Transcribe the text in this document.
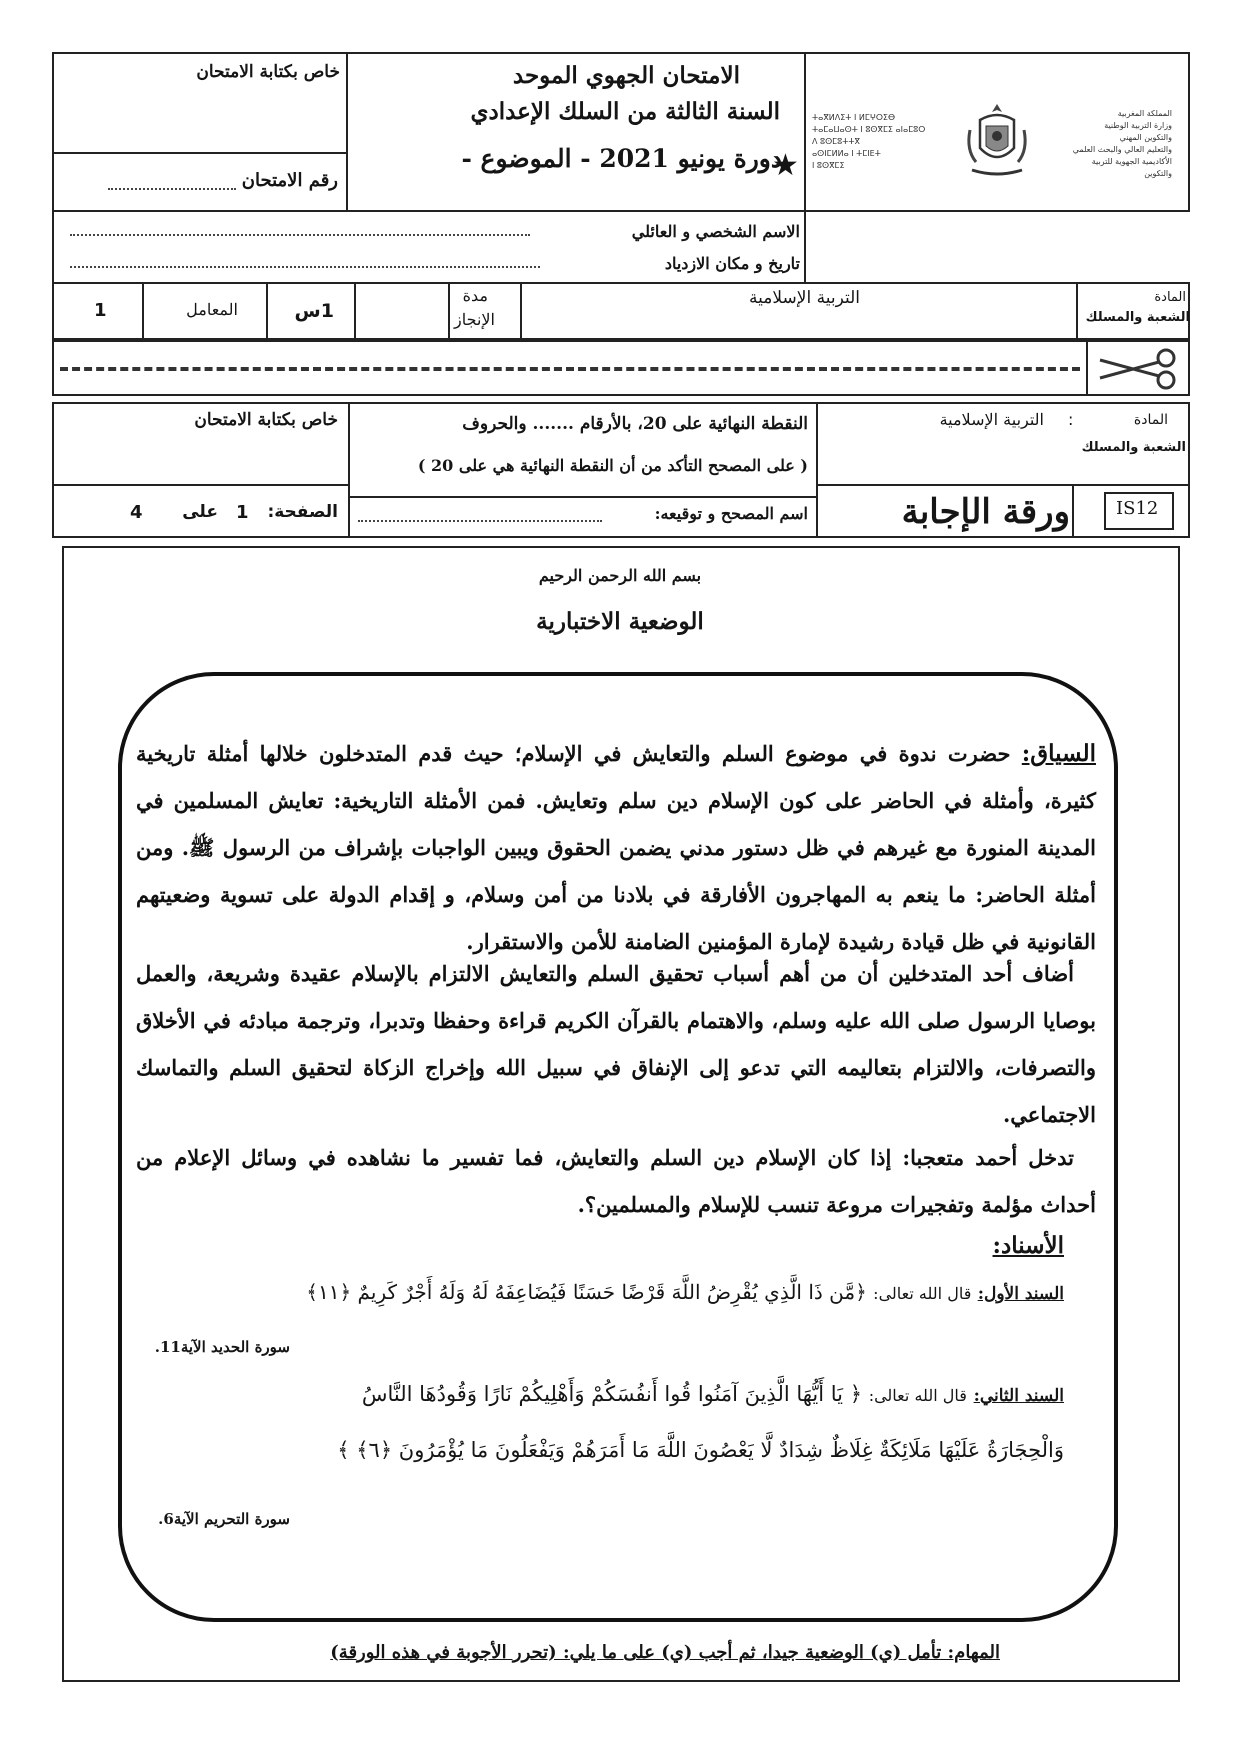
خاص بكتابة الامتحان
رقم الامتحان
الامتحان الجهوي الموحد
السنة الثالثة من السلك الإعدادي
دورة يونيو 2021 - الموضوع -
★
المملكة المغربية
وزارة التربية الوطنية
والتكوين المهني
والتعليم العالي والبحث العلمي
الأكاديمية الجهوية للتربية والتكوين
ⵜⴰⴳⵍⴷⵉⵜ ⵏ ⵍⵎⵖⵔⵉⴱ
ⵜⴰⵎⴰⵡⴰⵙⵜ ⵏ ⵓⵙⴳⵎⵉ ⴰⵏⴰⵎⵓⵔ
ⴷ ⵓⵙⵎⵓⵜⵜⴳ
ⴰⵙⵏⵎⵍⵍⴰ ⵏ ⵜⵎⵏⴹⵜ
ⵏ ⵓⵙⴳⵎⵉ
الاسم الشخصي و العائلي
تاريخ و مكان الازدياد
المادة
الشعبة والمسلك
التربية الإسلامية
مدة
الإنجاز
1س
المعامل
1
خاص بكتابة الامتحان
الصفحة:
1
على
4
النقطة النهائية على 20، بالأرقام ....... والحروف
( على المصحح التأكد من أن النقطة النهائية هي على 20 )
اسم المصحح و توقيعه:
المادة
:
التربية الإسلامية
الشعبة والمسلك
ورقة الإجابة	IS12
بسم الله الرحمن الرحيم
الوضعية الاختبارية
السياق: حضرت ندوة في موضوع السلم والتعايش في الإسلام؛ حيث قدم المتدخلون خلالها أمثلة تاريخية كثيرة، وأمثلة في الحاضر على كون الإسلام دين سلم وتعايش. فمن الأمثلة التاريخية: تعايش المسلمين في المدينة المنورة مع غيرهم في ظل دستور مدني يضمن الحقوق ويبين الواجبات بإشراف من الرسول ﷺ. ومن أمثلة الحاضر: ما ينعم به المهاجرون الأفارقة في بلادنا من أمن وسلام، و إقدام الدولة على تسوية وضعيتهم القانونية في ظل قيادة رشيدة لإمارة المؤمنين الضامنة للأمن والاستقرار.
أضاف أحد المتدخلين أن من أهم أسباب تحقيق السلم والتعايش الالتزام بالإسلام عقيدة وشريعة، والعمل بوصايا الرسول صلى الله عليه وسلم، والاهتمام بالقرآن الكريم قراءة وحفظا وتدبرا، وترجمة مبادئه في الأخلاق والتصرفات، والالتزام بتعاليمه التي تدعو إلى الإنفاق في سبيل الله وإخراج الزكاة لتحقيق السلم والتماسك الاجتماعي.
تدخل أحمد متعجبا: إذا كان الإسلام دين السلم والتعايش، فما تفسير ما نشاهده في وسائل الإعلام من أحداث مؤلمة وتفجيرات مروعة تنسب للإسلام والمسلمين؟.
الأسناد:
السند الأول: قال الله تعالى: ﴿مَّن ذَا الَّذِي يُقْرِضُ اللَّهَ قَرْضًا حَسَنًا فَيُضَاعِفَهُ لَهُ وَلَهُ أَجْرٌ كَرِيمٌ ﴿١١﴾
سورة الحديد الآية11.
السند الثاني: قال الله تعالى: ﴿ يَا أَيُّهَا الَّذِينَ آمَنُوا قُوا أَنفُسَكُمْ وَأَهْلِيكُمْ نَارًا وَقُودُهَا النَّاسُ
وَالْحِجَارَةُ عَلَيْهَا مَلَائِكَةٌ غِلَاظٌ شِدَادٌ لَّا يَعْصُونَ اللَّهَ مَا أَمَرَهُمْ وَيَفْعَلُونَ مَا يُؤْمَرُونَ ﴿٦﴾ ﴾
سورة التحريم الآية6.
المهام: تأمل (ي) الوضعية جيدا، ثم أجب (ي) على ما يلي: (تحرر الأجوبة في هذه الورقة)
